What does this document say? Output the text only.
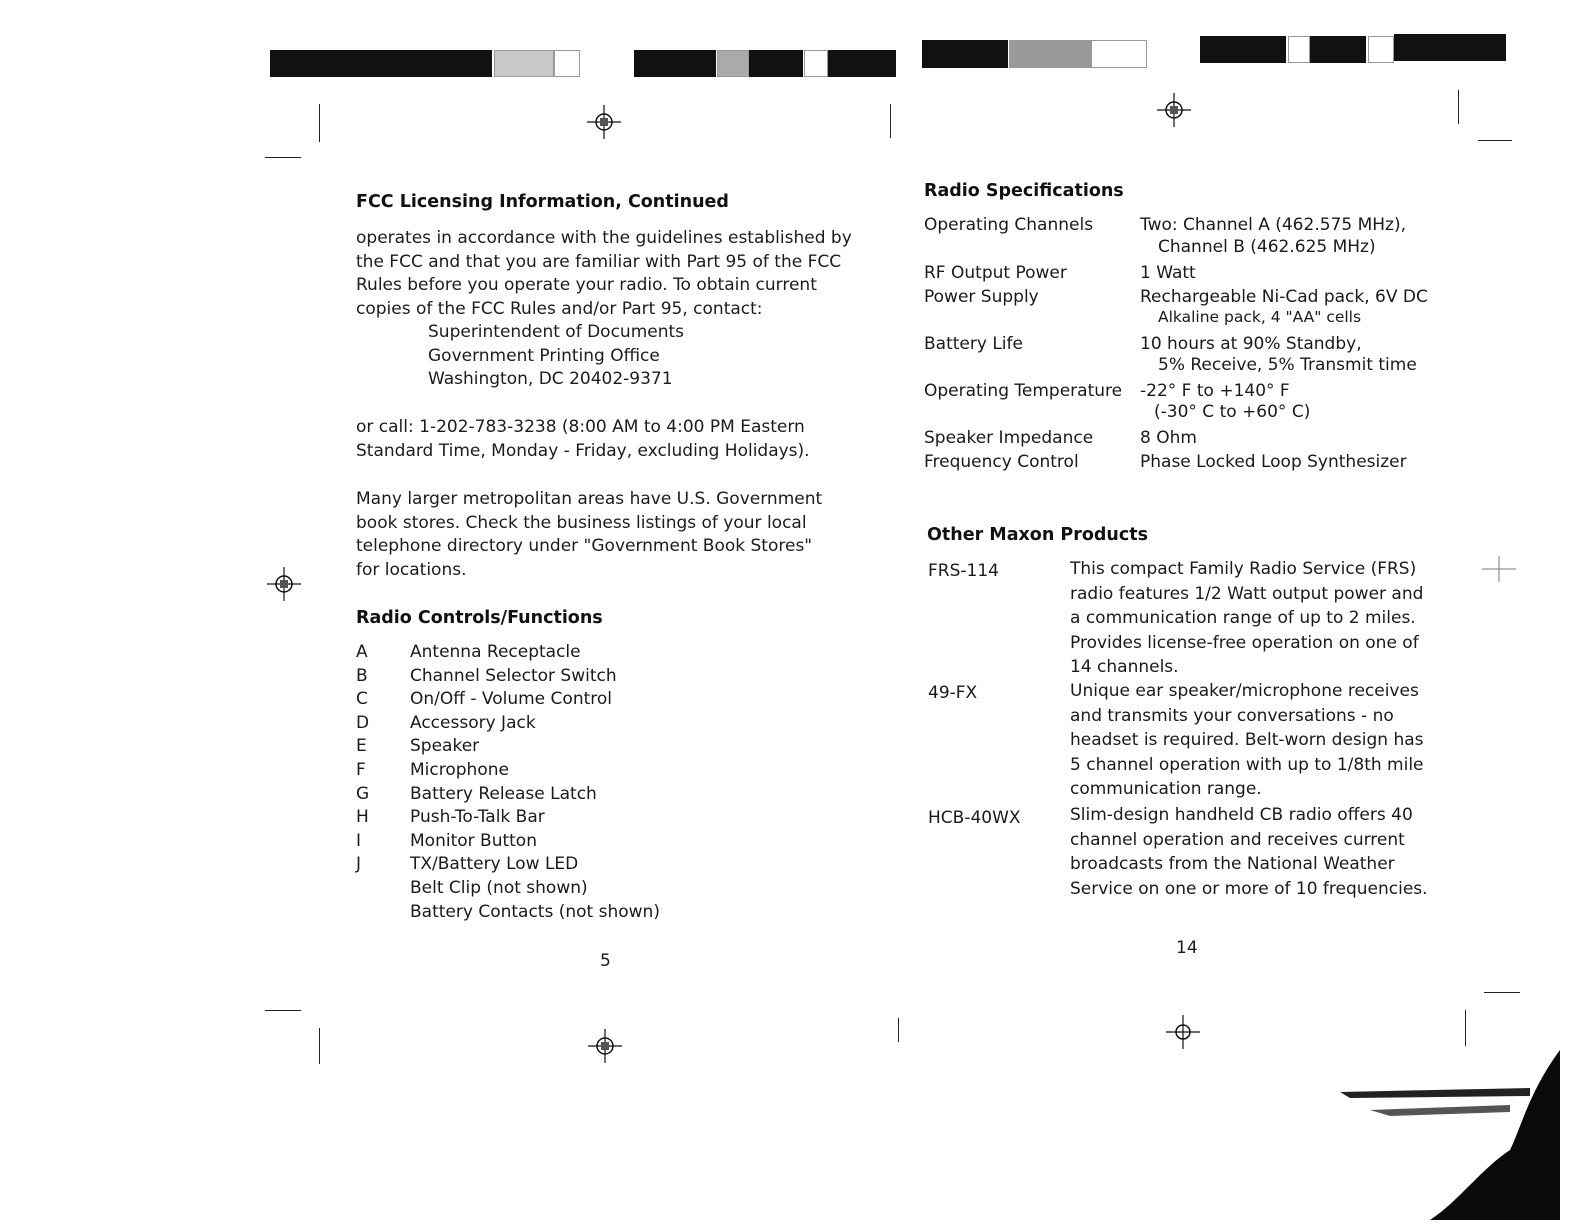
FCC Licensing Information, Continued
operates in accordance with the guidelines established by
the FCC and that you are familiar with Part 95 of the FCC
Rules before you operate your radio. To obtain current
copies of the FCC Rules and/or Part 95, contact:
Superintendent of Documents
Government Printing Office
Washington, DC 20402-9371
or call: 1-202-783-3238 (8:00 AM to 4:00 PM Eastern
Standard Time, Monday - Friday, excluding Holidays).
Many larger metropolitan areas have U.S. Government
book stores. Check the business listings of your local
telephone directory under "Government Book Stores"
for locations.
Radio Controls/Functions
A Antenna Receptacle
B Channel Selector Switch
C On/Off - Volume Control
D Accessory Jack
E	Speaker
F	Microphone
G Battery Release Latch
H Push-To-Talk Bar
I	Monitor Button
J	TX/Battery Low LED
Belt Clip (not shown)
Battery Contacts (not shown)
5
Radio Specifications
Operating Channels	Two: Channel A (462.575 MHz),
Channel B (462.625 MHz)
RF Output Power	1 Watt
Power Supply	Rechargeable Ni-Cad pack, 6V DC
Alkaline pack, 4 "AA" cells
Battery Life	10 hours at 90% Standby,
5% Receive, 5% Transmit time
Operating Temperature -22° F to +140° F
(-30° C to +60° C)
Speaker Impedance	8 Ohm
Frequency Control	Phase Locked Loop Synthesizer
Other Maxon Products
FRS-114	This compact Family Radio Service (FRS)
radio features 1/2 Watt output power and
a communication range of up to 2 miles.
Provides license-free operation on one of
14 channels.
49-FX	Unique ear speaker/microphone receives
and transmits your conversations - no
headset is required. Belt-worn design has
5 channel operation with up to 1/8th mile
communication range.
HCB-40WX	Slim-design handheld CB radio offers 40
channel operation and receives current
broadcasts from the National Weather
Service on one or more of 10 frequencies.
14
